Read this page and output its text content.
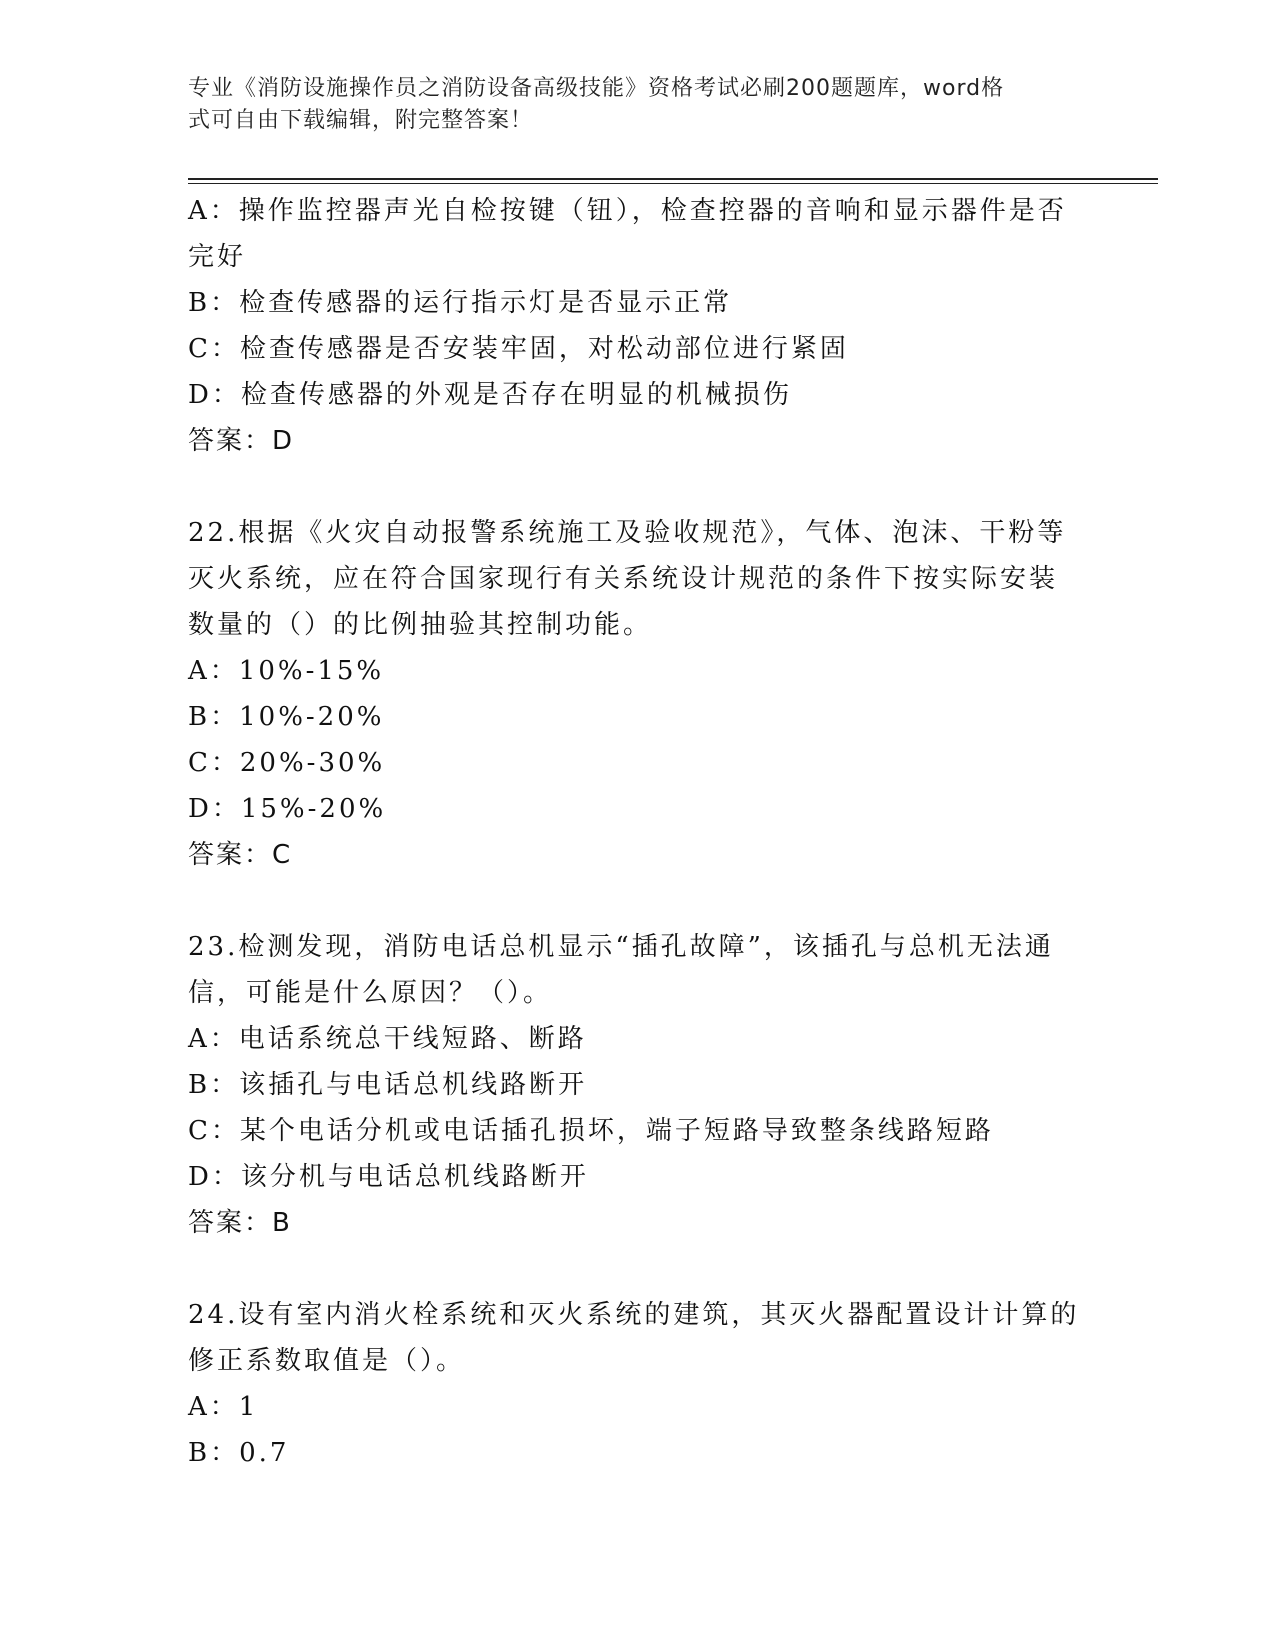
专业《消防设施操作员之消防设备高级技能》资格考试必刷200题题库，word格
式可自由下载编辑，附完整答案！
A：操作监控器声光自检按键（钮），检查控器的音响和显示器件是否
完好
B：检查传感器的运行指示灯是否显示正常
C：检查传感器是否安装牢固，对松动部位进行紧固
D：检查传感器的外观是否存在明显的机械损伤
答案：D
22.根据《火灾自动报警系统施工及验收规范》，气体、泡沫、干粉等
灭火系统，应在符合国家现行有关系统设计规范的条件下按实际安装
数量的（）的比例抽验其控制功能。
A：10%-15%
B：10%-20%
C：20%-30%
D：15%-20%
答案：C
23.检测发现，消防电话总机显示“插孔故障”，该插孔与总机无法通
信，可能是什么原因？（）。
A：电话系统总干线短路、断路
B：该插孔与电话总机线路断开
C：某个电话分机或电话插孔损坏，端子短路导致整条线路短路
D：该分机与电话总机线路断开
答案：B
24.设有室内消火栓系统和灭火系统的建筑，其灭火器配置设计计算的
修正系数取值是（）。
A：1
B：0.7
